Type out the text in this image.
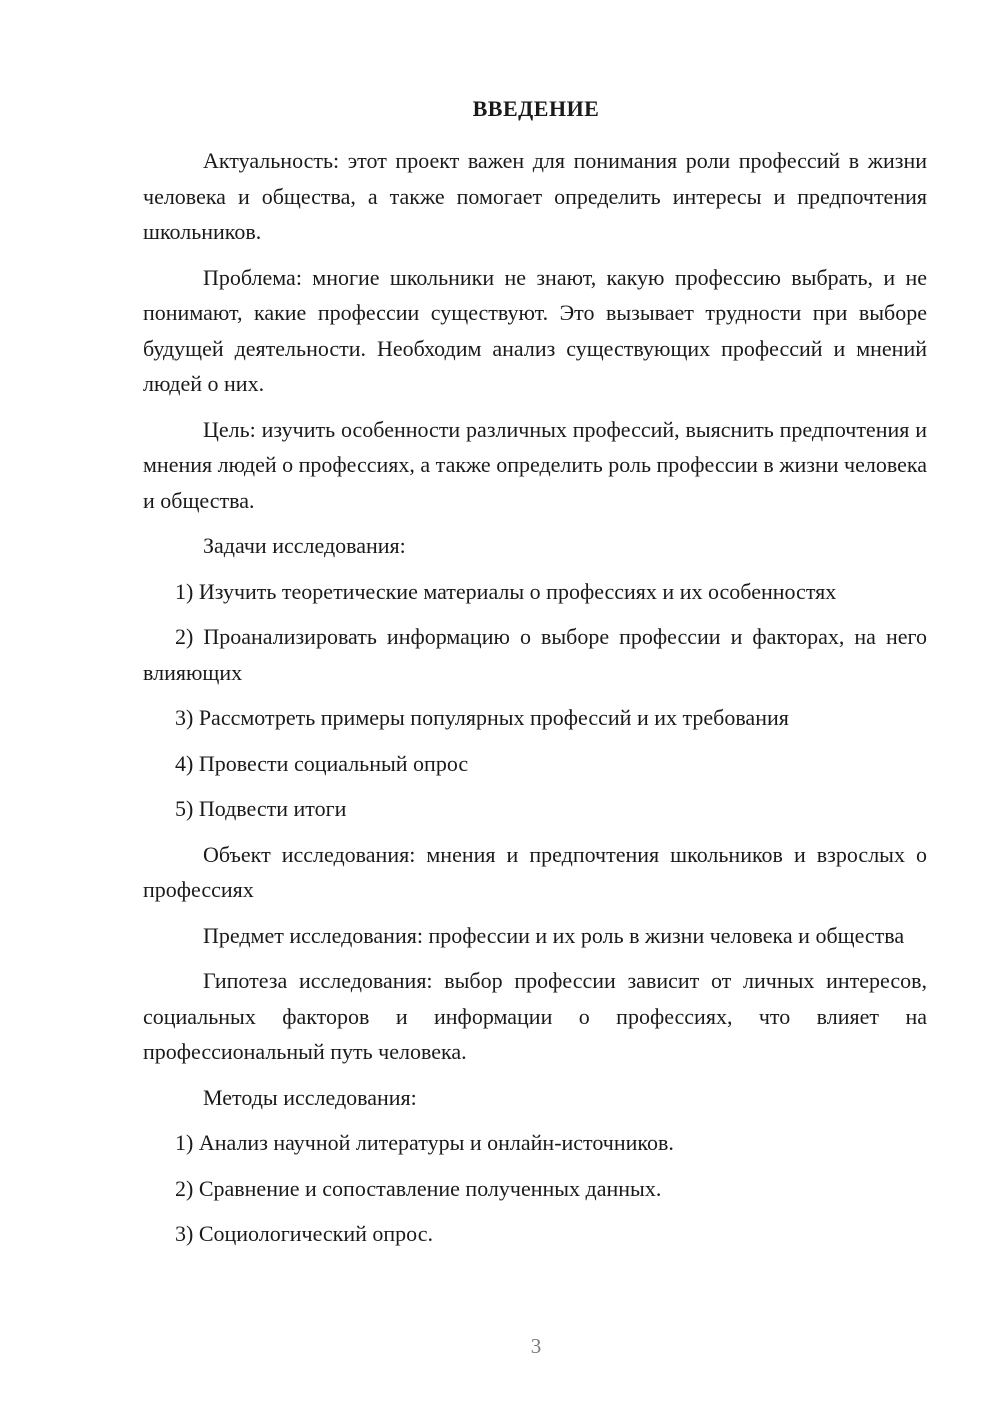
ВВЕДЕНИЕ

Актуальность: этот проект важен для понимания роли профессий в жизни человека и общества, а также помогает определить интересы и предпочтения школьников.

Проблема: многие школьники не знают, какую профессию выбрать, и не понимают, какие профессии существуют. Это вызывает трудности при выборе будущей деятельности. Необходим анализ существующих профессий и мнений людей о них.

Цель: изучить особенности различных профессий, выяснить предпочтения и мнения людей о профессиях, а также определить роль профессии в жизни человека и общества.

Задачи исследования:

1) Изучить теоретические материалы о профессиях и их особенностях

2) Проанализировать информацию о выборе профессии и факторах, на него влияющих

3) Рассмотреть примеры популярных профессий и их требования

4) Провести социальный опрос

5) Подвести итоги

Объект исследования: мнения и предпочтения школьников и взрослых о профессиях

Предмет исследования: профессии и их роль в жизни человека и общества

Гипотеза исследования: выбор профессии зависит от личных интересов, социальных факторов и информации о профессиях, что влияет на профессиональный путь человека.

Методы исследования:

1) Анализ научной литературы и онлайн-источников.

2) Сравнение и сопоставление полученных данных.

3) Социологический опрос.

3
